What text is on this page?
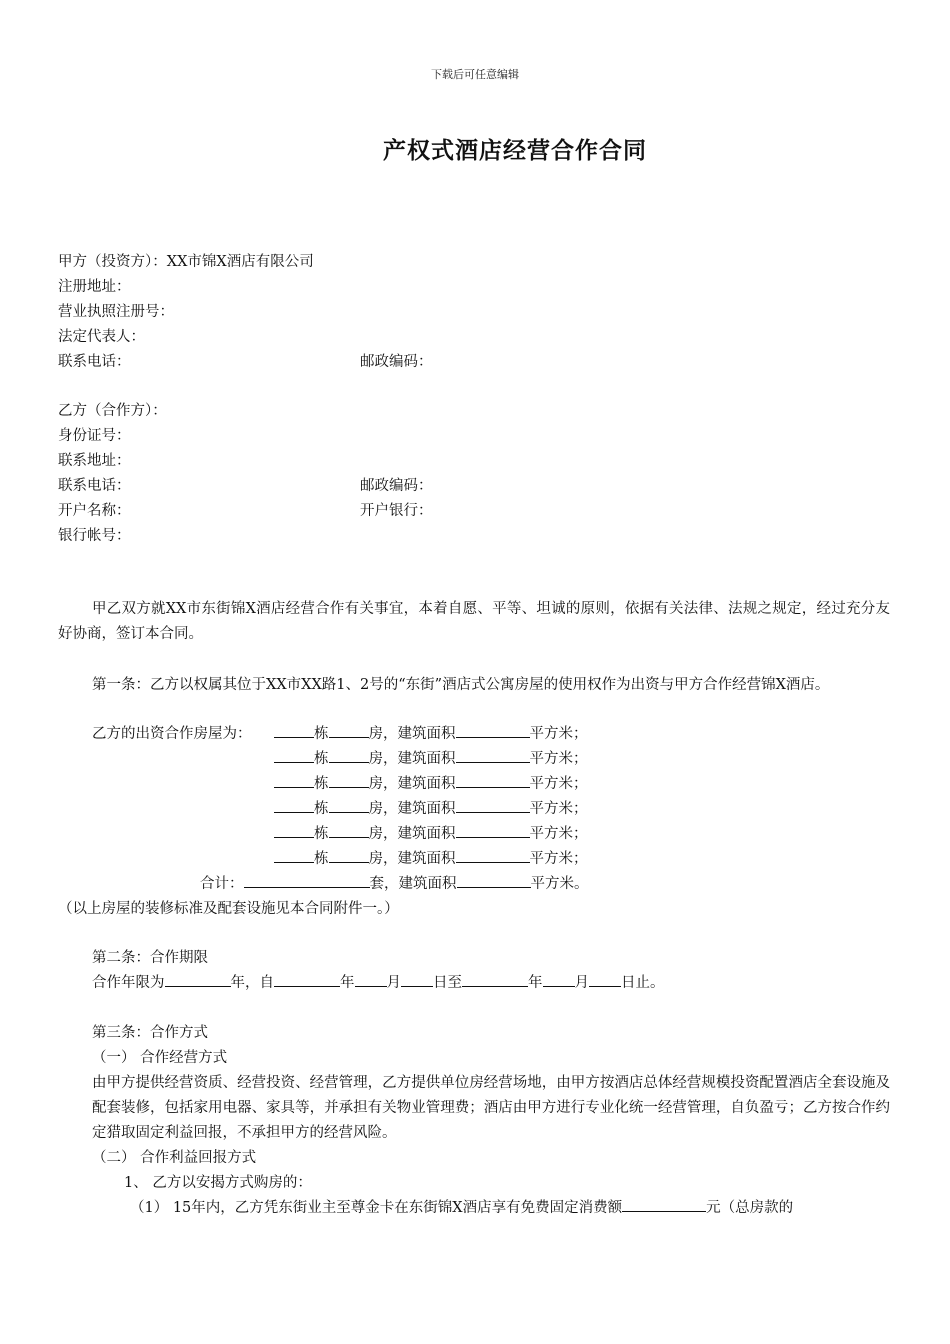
下载后可任意编辑
产权式酒店经营合作合同
甲方（投资方）：XX市锦X酒店有限公司
注册地址：
营业执照注册号：
法定代表人：
联系电话：	邮政编码：
乙方（合作方）：
身份证号：
联系地址：
联系电话：	邮政编码：
开户名称：	开户银行：
银行帐号：
甲乙双方就XX市东街锦X酒店经营合作有关事宜，本着自愿、平等、坦诚的原则，依据有关法律、法规之规定，经过充分友好协商，签订本合同。
第一条：乙方以权属其位于XX市XX路1、2号的“东街”酒店式公寓房屋的使用权作为出资与甲方合作经营锦X酒店。
乙方的出资合作房屋为：	栋	房，建筑面积	平方米；
栋	房，建筑面积	平方米；
栋	房，建筑面积	平方米；
栋	房，建筑面积	平方米；
栋	房，建筑面积	平方米；
栋	房，建筑面积	平方米；
合计：	套，建筑面积	平方米。
（以上房屋的装修标准及配套设施见本合同附件一。）
第二条：合作期限
合作年限为	年，自	年 月 日至	年 月 日止。
第三条：合作方式
（一） 合作经营方式
由甲方提供经营资质、经营投资、经营管理，乙方提供单位房经营场地，由甲方按酒店总体经营规模投资配置酒店全套设施及配套装修，包括家用电器、家具等，并承担有关物业管理费；酒店由甲方进行专业化统一经营管理，自负盈亏；乙方按合作约定猎取固定利益回报，不承担甲方的经营风险。
（二） 合作利益回报方式
1、 乙方以安揭方式购房的：
（1） 15年内，乙方凭东街业主至尊金卡在东街锦X酒店享有免费固定消费额	元（总房款的
